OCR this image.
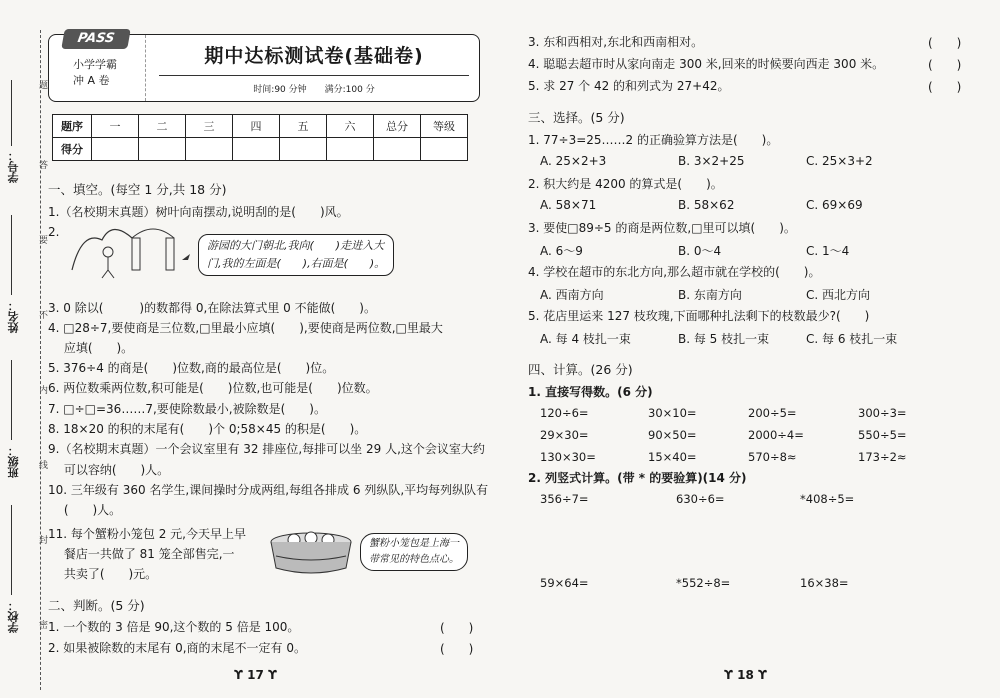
学号：
姓名：
班级：
学校：
题
答
要
不
内
线
封
密
PASS
小学学霸
冲 A 卷
期中达标测试卷(基础卷)
时间:90 分钟　　满分:100 分
题序	一	二	三	四	五	六	总分	等级
得分								
一、填空。(每空 1 分,共 18 分)
1.（名校期末真题）树叶向南摆动,说明刮的是(　　)风。
2.
游园的大门朝北,我向(　　)走进入大
门,我的左面是(　　),右面是(　　)。
3. 0 除以(　　　)的数都得 0,在除法算式里 0 不能做(　　)。
4. □28÷7,要使商是三位数,□里最小应填(　　),要使商是两位数,□里最大
　 应填(　　)。
5. 376÷4 的商是(　　)位数,商的最高位是(　　)位。
6. 两位数乘两位数,积可能是(　　)位数,也可能是(　　)位数。
7. □÷□=36……7,要使除数最小,被除数是(　　)。
8. 18×20 的积的末尾有(　　)个 0;58×45 的积是(　　)。
9.（名校期末真题）一个会议室里有 32 排座位,每排可以坐 29 人,这个会议室大约
　 可以容纳(　　)人。
10. 三年级有 360 名学生,课间操时分成两组,每组各排成 6 列纵队,平均每列纵队有
　 (　　)人。
11. 每个蟹粉小笼包 2 元,今天早上早
　 餐店一共做了 81 笼全部售完,一
　 共卖了(　　)元。
蟹粉小笼包是上海一
带常见的特色点心。
二、判断。(5 分)
1. 一个数的 3 倍是 90,这个数的 5 倍是 100。	(　　)
2. 如果被除数的末尾有 0,商的末尾不一定有 0。	(　　)
ϒ 17 ϒ
3. 东和西相对,东北和西南相对。	(　　)
4. 聪聪去超市时从家向南走 300 米,回来的时候要向西走 300 米。	(　　)
5. 求 27 个 42 的和列式为 27+42。	(　　)
三、选择。(5 分)
1. 77÷3=25……2 的正确验算方法是(　　)。
A. 25×2+3	B. 3×2+25	C. 25×3+2
2. 积大约是 4200 的算式是(　　)。
A. 58×71	B. 58×62	C. 69×69
3. 要使□89÷5 的商是两位数,□里可以填(　　)。
A. 6～9	B. 0～4	C. 1～4
4. 学校在超市的东北方向,那么超市就在学校的(　　)。
A. 西南方向	B. 东南方向	C. 西北方向
5. 花店里运来 127 枝玫瑰,下面哪种扎法剩下的枝数最少?(　　)
A. 每 4 枝扎一束	B. 每 5 枝扎一束	C. 每 6 枝扎一束
四、计算。(26 分)
1. 直接写得数。(6 分)
120÷6=	30×10=	200÷5=	300÷3=
29×30=	90×50=	2000÷4=	550÷5=
130×30=	15×40=	570÷8≈	173÷2≈
2. 列竖式计算。(带 * 的要验算)(14 分)
356÷7=	630÷6=	*408÷5=
59×64=	*552÷8=	16×38=
ϒ 18 ϒ
